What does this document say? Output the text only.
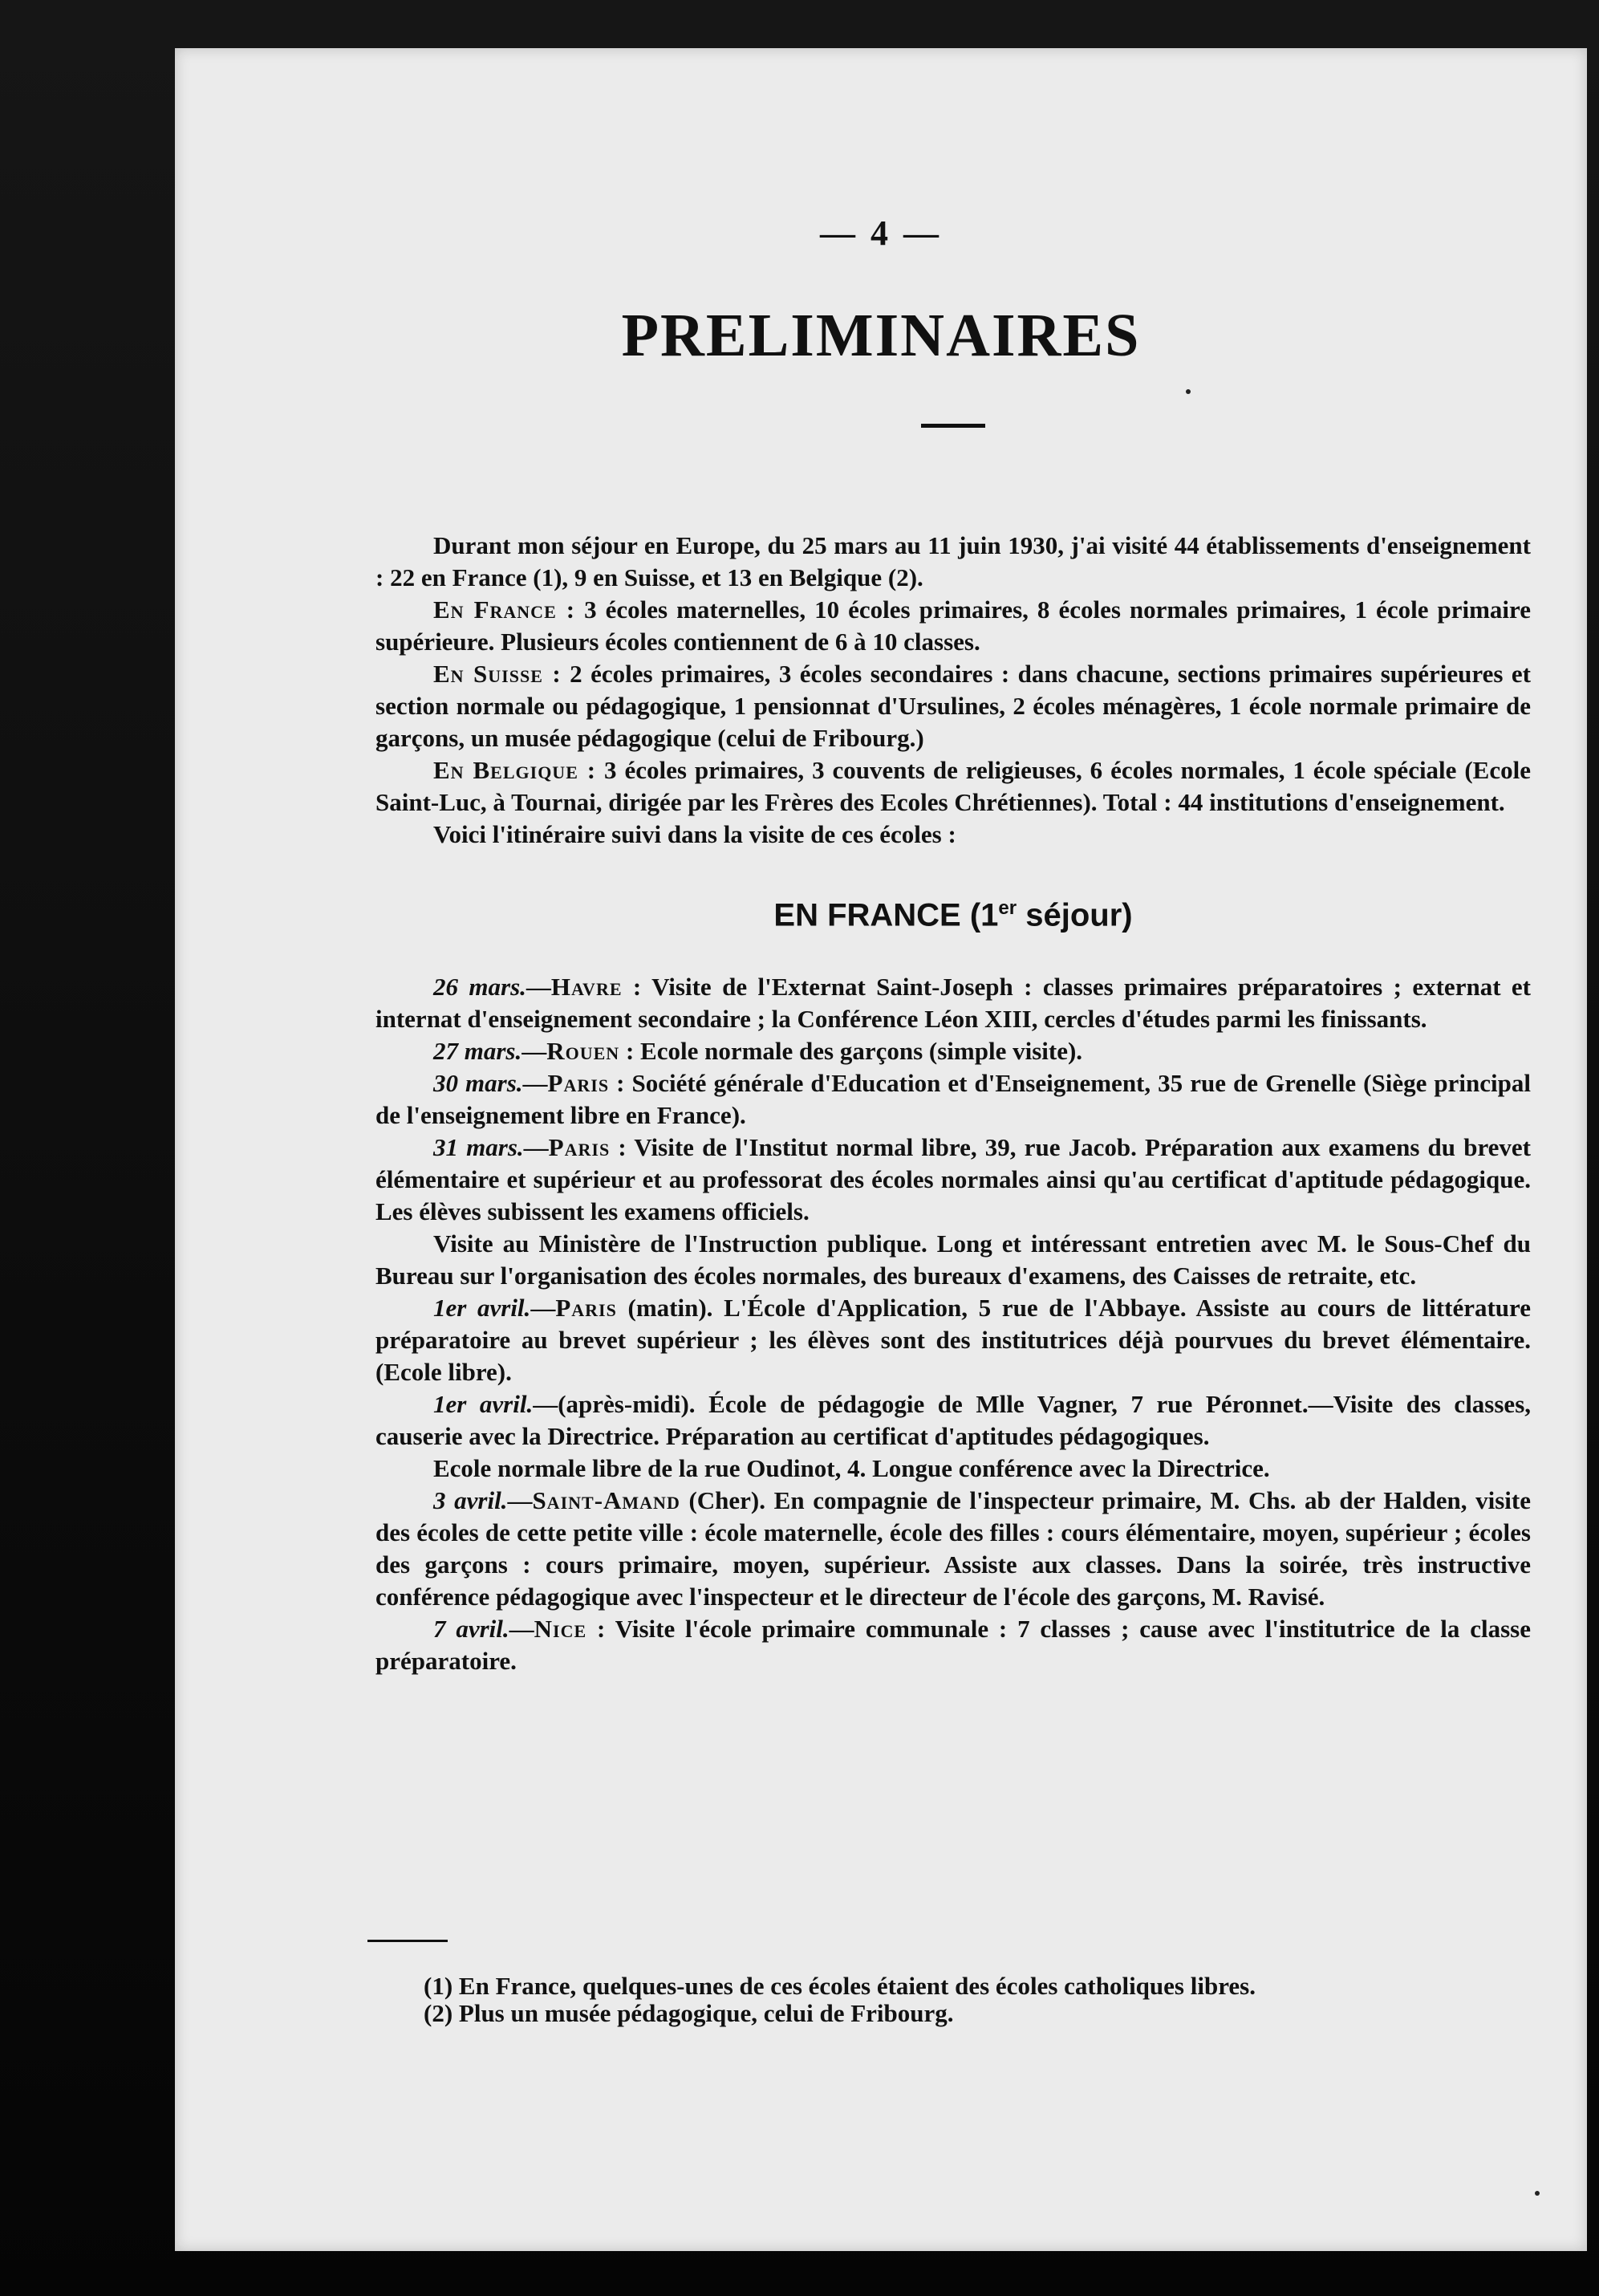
— 4 —
PRELIMINAIRES

Durant mon séjour en Europe, du 25 mars au 11 juin 1930, j'ai visité 44 établissements d'enseignement : 22 en France (1), 9 en Suisse, et 13 en Belgique (2).

En France : 3 écoles maternelles, 10 écoles primaires, 8 écoles normales primaires, 1 école primaire supérieure. Plusieurs écoles contiennent de 6 à 10 classes.

En Suisse : 2 écoles primaires, 3 écoles secondaires : dans chacune, sections primaires supérieures et section normale ou pédagogique, 1 pensionnat d'Ursulines, 2 écoles ménagères, 1 école normale primaire de garçons, un musée pédagogique (celui de Fribourg.)

En Belgique : 3 écoles primaires, 3 couvents de religieuses, 6 écoles normales, 1 école spéciale (Ecole Saint-Luc, à Tournai, dirigée par les Frères des Ecoles Chrétiennes). Total : 44 institutions d'enseignement.

Voici l'itinéraire suivi dans la visite de ces écoles :

EN FRANCE (1er séjour)

26 mars.—Havre : Visite de l'Externat Saint-Joseph : classes primaires préparatoires ; externat et internat d'enseignement secondaire ; la Conférence Léon XIII, cercles d'études parmi les finissants.

27 mars.—Rouen : Ecole normale des garçons (simple visite).

30 mars.—Paris : Société générale d'Education et d'Enseignement, 35 rue de Grenelle (Siège principal de l'enseignement libre en France).

31 mars.—Paris : Visite de l'Institut normal libre, 39, rue Jacob. Préparation aux examens du brevet élémentaire et supérieur et au professorat des écoles normales ainsi qu'au certificat d'aptitude pédagogique. Les élèves subissent les examens officiels.

Visite au Ministère de l'Instruction publique. Long et intéressant entretien avec M. le Sous-Chef du Bureau sur l'organisation des écoles normales, des bureaux d'examens, des Caisses de retraite, etc.

1er avril.—Paris (matin). L'École d'Application, 5 rue de l'Abbaye. Assiste au cours de littérature préparatoire au brevet supérieur ; les élèves sont des institutrices déjà pourvues du brevet élémentaire. (Ecole libre).

1er avril.—(après-midi). École de pédagogie de Mlle Vagner, 7 rue Péronnet.—Visite des classes, causerie avec la Directrice. Préparation au certificat d'aptitudes pédagogiques.

Ecole normale libre de la rue Oudinot, 4. Longue conférence avec la Directrice.

3 avril.—Saint-Amand (Cher). En compagnie de l'inspecteur primaire, M. Chs. ab der Halden, visite des écoles de cette petite ville : école maternelle, école des filles : cours élémentaire, moyen, supérieur ; écoles des garçons : cours primaire, moyen, supérieur. Assiste aux classes. Dans la soirée, très instructive conférence pédagogique avec l'inspecteur et le directeur de l'école des garçons, M. Ravisé.

7 avril.—Nice : Visite l'école primaire communale : 7 classes ; cause avec l'institutrice de la classe préparatoire.

(1) En France, quelques-unes de ces écoles étaient des écoles catholiques libres.
(2) Plus un musée pédagogique, celui de Fribourg.
